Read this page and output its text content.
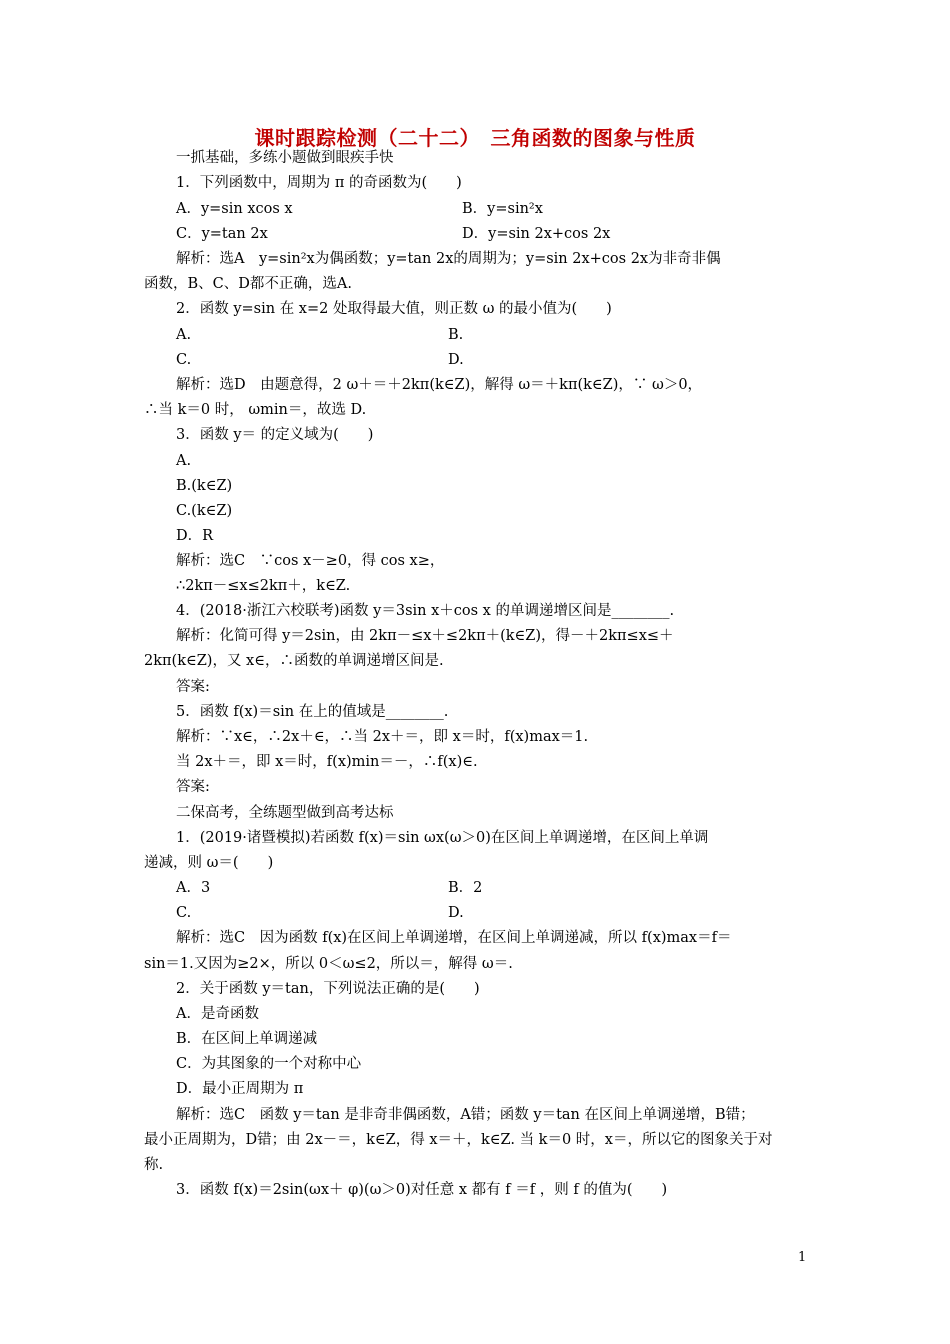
课时跟踪检测（二十二）　三角函数的图象与性质
一抓基础，多练小题做到眼疾手快
1．下列函数中，周期为 π 的奇函数为(　　)
A．y=sin xcos x	B．y=sin²x
C．y=tan 2x	D．y=sin 2x+cos 2x
解析：选A　y=sin²x为偶函数；y=tan 2x的周期为；y=sin 2x+cos 2x为非奇非偶
函数，B、C、D都不正确，选A.
2．函数 y=sin 在 x=2 处取得最大值，则正数 ω 的最小值为(　　)
A.	B.
C.	D.
解析：选D　由题意得，2 ω＋＝＋2kπ(k∈Z)，解得 ω＝＋kπ(k∈Z)，∵ ω＞0，
∴当 k＝0 时， ωmin＝，故选 D.
3．函数 y＝ 的定义域为(　　)
A.
B.(k∈Z)
C.(k∈Z)
D．R
解析：选C　∵cos x－≥0，得 cos x≥，
∴2kπ－≤x≤2kπ＋，k∈Z.
4．(2018·浙江六校联考)函数 y＝3sin x＋cos x 的单调递增区间是________.
解析：化简可得 y＝2sin，由 2kπ－≤x＋≤2kπ＋(k∈Z)，得－＋2kπ≤x≤＋
2kπ(k∈Z)，又 x∈，∴函数的单调递增区间是.
答案:
5．函数 f(x)＝sin 在上的值域是________.
解析：∵x∈，∴2x＋∈，∴当 2x＋＝，即 x＝时，f(x)max＝1.
当 2x＋＝，即 x＝时，f(x)min＝－，∴f(x)∈.
答案:
二保高考，全练题型做到高考达标
1．(2019·诸暨模拟)若函数 f(x)＝sin ωx(ω＞0)在区间上单调递增，在区间上单调
递减，则 ω＝(　　)
A．3	B．2
C.	D.
解析：选C　因为函数 f(x)在区间上单调递增，在区间上单调递减，所以 f(x)max＝f＝
sin＝1.又因为≥2×，所以 0＜ω≤2，所以＝，解得 ω＝.
2．关于函数 y＝tan，下列说法正确的是(　　)
A．是奇函数
B．在区间上单调递减
C．为其图象的一个对称中心
D．最小正周期为 π
解析：选C　函数 y＝tan 是非奇非偶函数，A错；函数 y＝tan 在区间上单调递增，B错；
最小正周期为，D错；由 2x－＝，k∈Z，得 x＝＋，k∈Z. 当 k＝0 时，x＝，所以它的图象关于对
称.
3．函数 f(x)＝2sin(ωx＋ φ)(ω＞0)对任意 x 都有 f ＝f ，则 f 的值为(　　)
1
